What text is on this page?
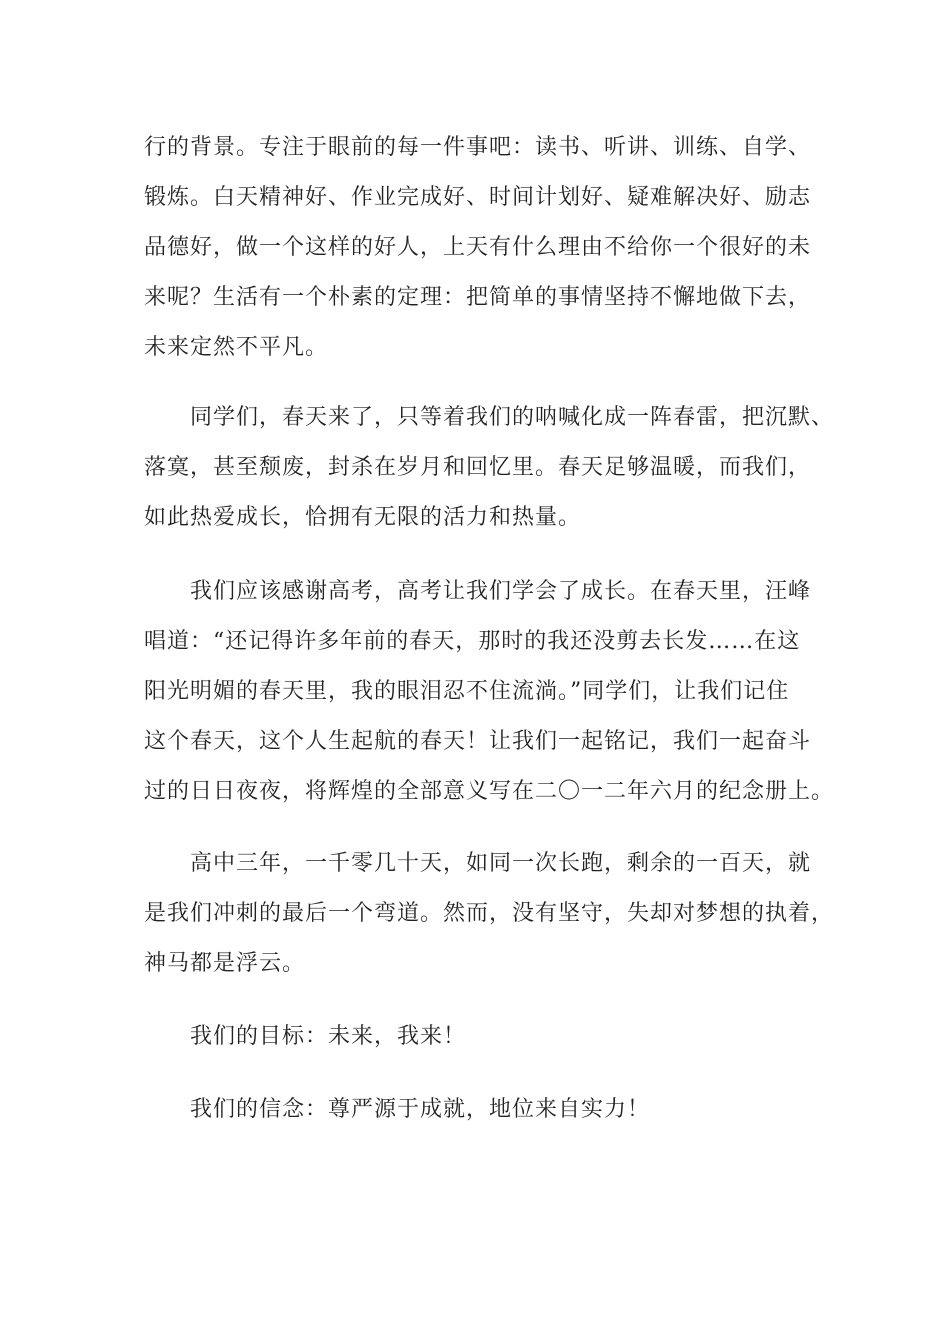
行的背景。专注于眼前的每一件事吧：读书、听讲、训练、自学、
锻炼。白天精神好、作业完成好、时间计划好、疑难解决好、励志
品德好，做一个这样的好人，上天有什么理由不给你一个很好的未
来呢？生活有一个朴素的定理：把简单的事情坚持不懈地做下去，
未来定然不平凡。
同学们，春天来了，只等着我们的呐喊化成一阵春雷，把沉默、
落寞，甚至颓废，封杀在岁月和回忆里。春天足够温暖，而我们，
如此热爱成长，恰拥有无限的活力和热量。
我们应该感谢高考，高考让我们学会了成长。在春天里，汪峰
唱道：“还记得许多年前的春天，那时的我还没剪去长发……在这
阳光明媚的春天里，我的眼泪忍不住流淌。”同学们，让我们记住
这个春天，这个人生起航的春天！让我们一起铭记，我们一起奋斗
过的日日夜夜，将辉煌的全部意义写在二〇一二年六月的纪念册上。
高中三年，一千零几十天，如同一次长跑，剩余的一百天，就
是我们冲刺的最后一个弯道。然而，没有坚守，失却对梦想的执着，
神马都是浮云。
我们的目标：未来，我来！
我们的信念：尊严源于成就，地位来自实力！
